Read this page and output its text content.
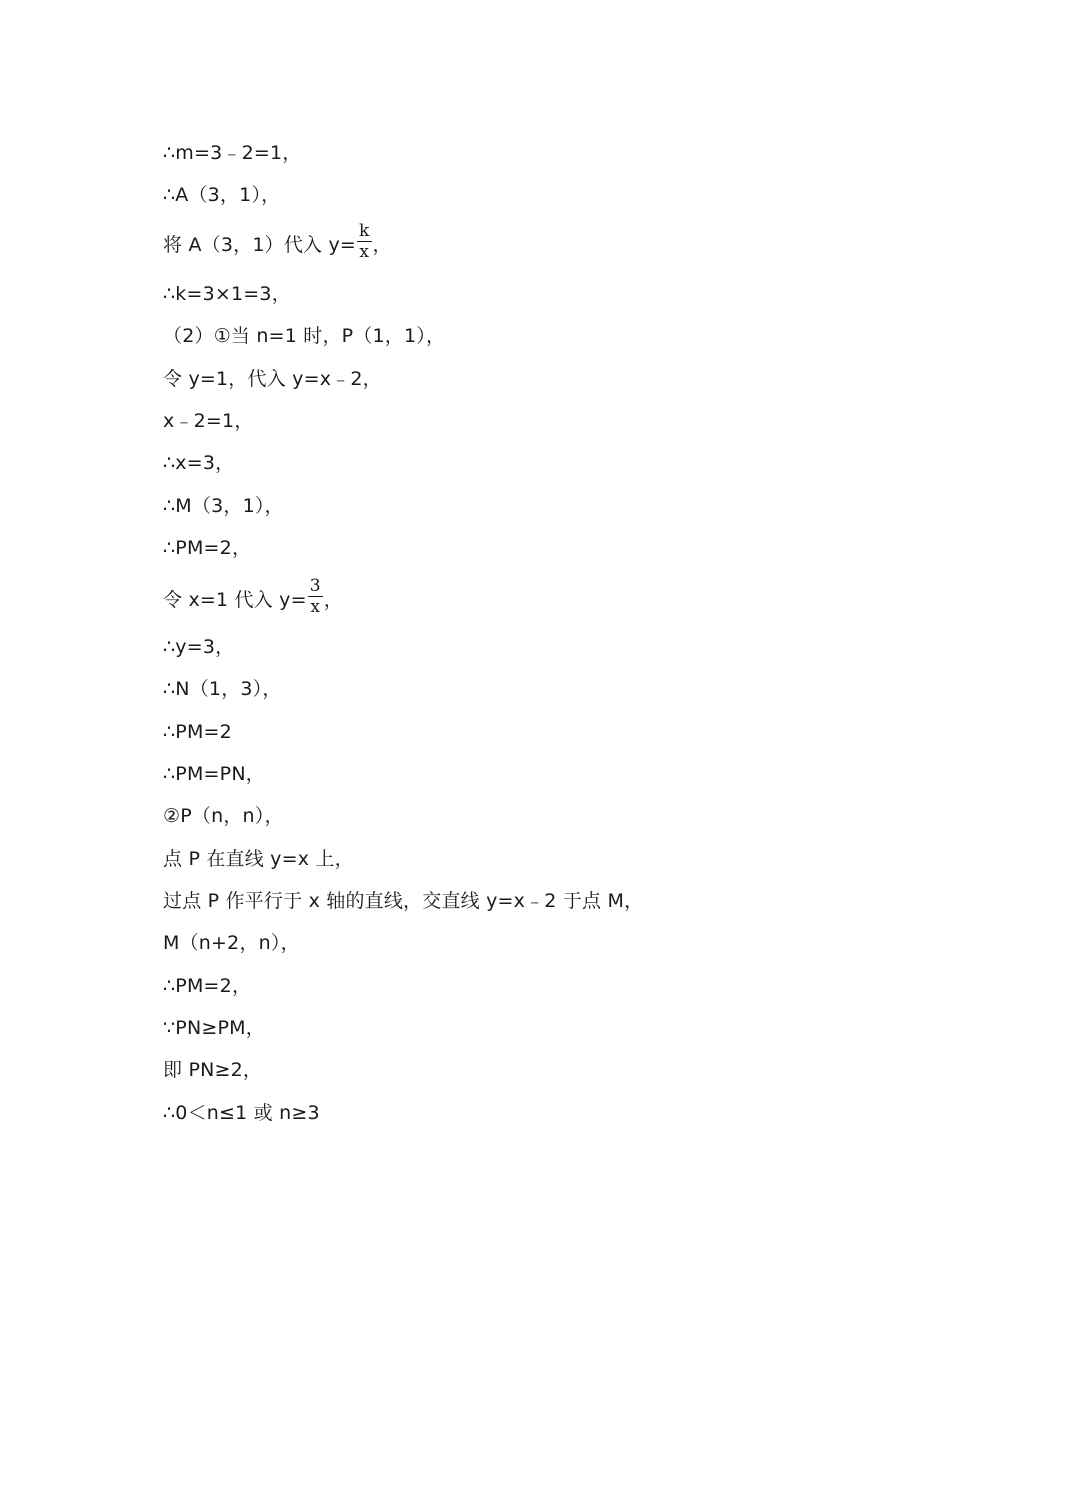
∴m=3﹣2=1，
∴A（3，1），
将 A（3，1）代入 $y= \frac{k}{x}$ ，
∴k=3×1=3，
（2）①当 n=1 时，P（1，1），
令 y=1，代入 y=x﹣2，
x﹣2=1，
∴x=3，
∴M（3，1），
∴PM=2，
令 x=1 代入 $y= \frac{3}{x}$ ，
∴y=3，
∴N（1，3），
∴PM=2
∴PM=PN，
②P（n，n），
点 P 在直线 y=x 上，
过点 P 作平行于 x 轴的直线，交直线 y=x﹣2 于点 M，
M（n+2，n），
∴PM=2，
∵PN≥PM，
即 PN≥2，
∴0＜n≤1 或 n≥3
